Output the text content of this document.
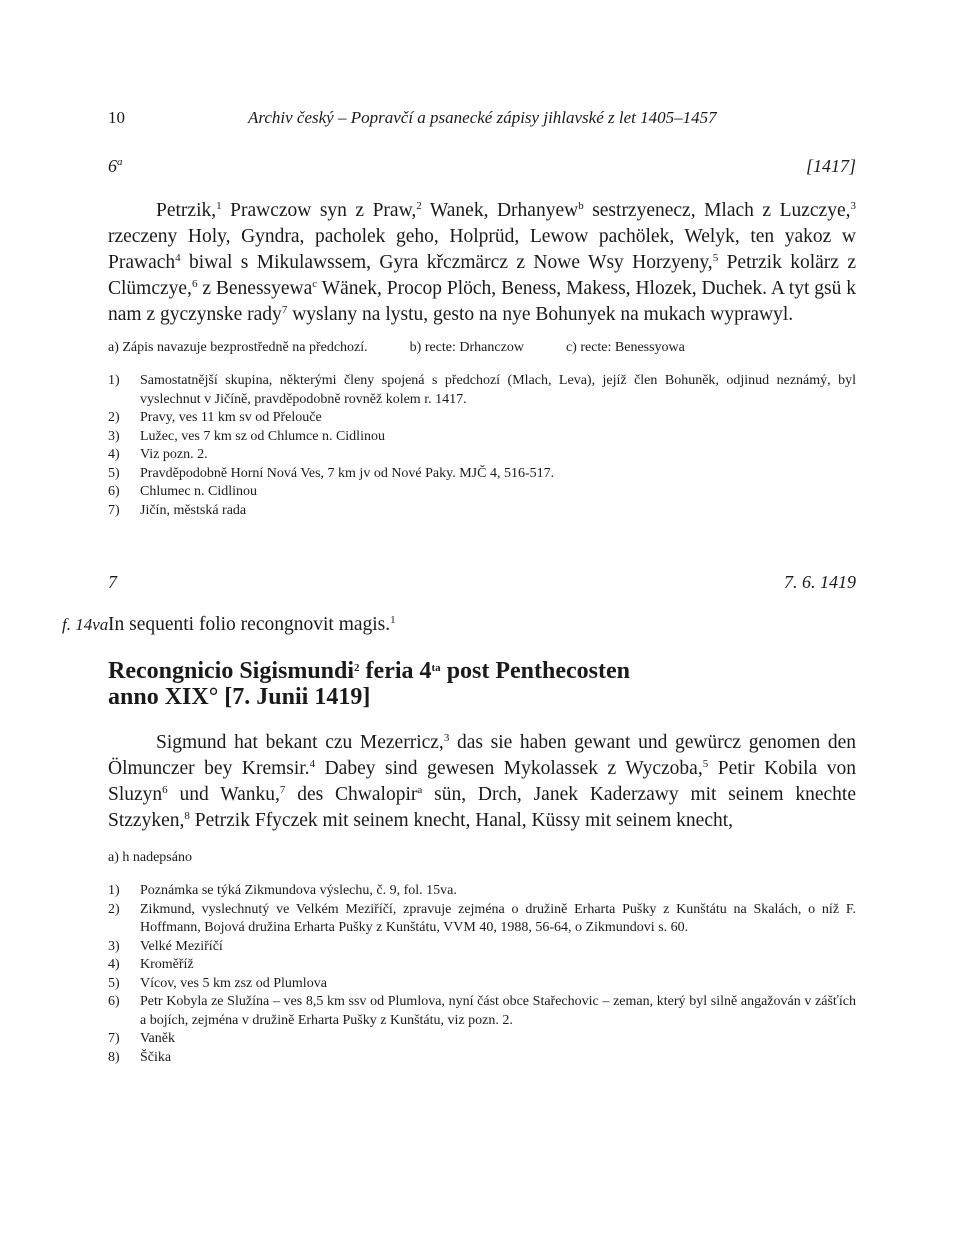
10	Archiv český – Popravčí a psanecké zápisy jihlavské z let 1405–1457
6$^a$	[1417]

Petrzik,$^1$ Prawczow syn z Praw,$^2$ Wanek, Drhanyew$^b$ sestrzyenecz, Mlach z Luzczye,$^3$ rzeczeny Holy, Gyndra, pacholek geho, Holprüd, Lewow pachölek, Welyk, ten yakoz w Prawach$^4$ biwal s Mikulawssem, Gyra křczmärcz z Nowe Wsy Horzyeny,$^5$ Petrzik kolärz z Clümczye,$^6$ z Benessyewa$^c$ Wänek, Procop Plöch, Beness, Makess, Hlozek, Duchek. A tyt gsü k nam z gyczynske rady$^7$ wyslany na lystu, gesto na nye Bohunyek na mukach wyprawyl.

a) Zápis navazuje bezprostředně na předchozí.	b) recte: Drhanczow	c) recte: Benessyowa
1)	Samostatnější skupina, některými členy spojená s předchozí (Mlach, Leva), jejíž člen Bohuněk, odjinud neznámý, byl vyslechnut v Jičíně, pravděpodobně rovněž kolem r. 1417.
2)	Pravy, ves 11 km sv od Přelouče
3)	Lužec, ves 7 km sz od Chlumce n. Cidlinou
4)	Viz pozn. 2.
5)	Pravděpodobně Horní Nová Ves, 7 km jv od Nové Paky. MJČ 4, 516-517.
6)	Chlumec n. Cidlinou
7)	Jičín, městská rada
7	7. 6. 1419
f. 14va In sequenti folio recongnovit magis.$^1$
Recongnicio Sigismundi$^2$ feria $4^{ta}$ post Penthecosten
anno XIX° [7. Junii 1419]

Sigmund hat bekant czu Mezerricz,$^3$ das sie haben gewant und gewürcz genomen den Ölmunczer bey Kremsir.$^4$ Dabey sind gewesen Mykolassek z Wyczoba,$^5$ Petir Kobila von Sluzyn$^6$ und Wanku,$^7$ des Chwalopir$^a$ sün, Drch, Janek Kaderzawy mit seinem knechte Stzzyken,$^8$ Petrzik Ffyczek mit seinem knecht, Hanal, Küssy mit seinem knecht,

a) h nadepsáno
1)	Poznámka se týká Zikmundova výslechu, č. 9, fol. 15va.
2)	Zikmund, vyslechnutý ve Velkém Meziříčí, zpravuje zejména o družině Erharta Pušky z Kunštátu na Skalách, o níž F. Hoffmann, Bojová družina Erharta Pušky z Kunštátu, VVM 40, 1988, 56-64, o Zikmundovi s. 60.
3)	Velké Meziříčí
4)	Kroměříž
5)	Vícov, ves 5 km zsz od Plumlova
6)	Petr Kobyla ze Služína – ves 8,5 km ssv od Plumlova, nyní část obce Stařechovic – zeman, který byl silně angažován v zášťích a bojích, zejména v družině Erharta Pušky z Kunštátu, viz pozn. 2.
7)	Vaněk
8)	Ščika
